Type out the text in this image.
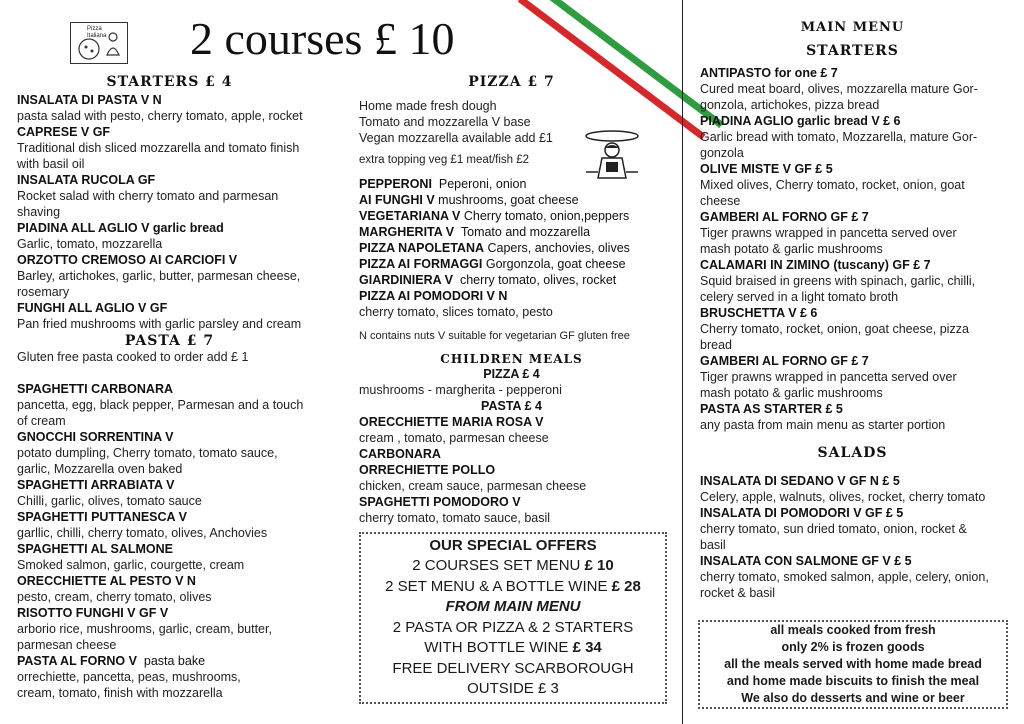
Pizza Italiana 2 courses £ 10
STARTERS £ 4
INSALATA DI PASTA V N
pasta salad with pesto, cherry tomato, apple, rocket
CAPRESE V GF
Traditional dish sliced mozzarella and tomato finish
with basil oil
INSALATA RUCOLA GF
Rocket salad with cherry tomato and parmesan
shaving
PIADINA ALL AGLIO V garlic bread
Garlic, tomato, mozzarella
ORZOTTO CREMOSO AI CARCIOFI V
Barley, artichokes, garlic, butter, parmesan cheese,
rosemary
FUNGHI ALL AGLIO V GF
Pan fried mushrooms with garlic parsley and cream
PASTA £ 7
Gluten free pasta cooked to order add £ 1
SPAGHETTI CARBONARA
pancetta, egg, black pepper, Parmesan and a touch
of cream
GNOCCHI SORRENTINA V
potato dumpling, Cherry tomato, tomato sauce,
garlic, Mozzarella oven baked
SPAGHETTI ARRABIATA V
Chilli, garlic, olives, tomato sauce
SPAGHETTI PUTTANESCA V
garllic, chilli, cherry tomato, olives, Anchovies
SPAGHETTI AL SALMONE
Smoked salmon, garlic, courgette, cream
ORECCHIETTE AL PESTO V N
pesto, cream, cherry tomato, olives
RISOTTO FUNGHI V GF V
arborio rice, mushrooms, garlic, cream, butter,
parmesan cheese
PASTA AL FORNO V  pasta bake
orrechiette, pancetta, peas, mushrooms,
cream, tomato, finish with mozzarella
PIZZA £ 7
Home made fresh dough
Tomato and mozzarella V base
Vegan mozzarella available add £1
extra topping veg £1 meat/fish £2
PEPPERONI  Peperoni, onion
AI FUNGHI V mushrooms, goat cheese
VEGETARIANA V Cherry tomato, onion,peppers
MARGHERITA V  Tomato and mozzarella
PIZZA NAPOLETANA Capers, anchovies, olives
PIZZA AI FORMAGGI Gorgonzola, goat cheese
GIARDINIERA V  cherry tomato, olives, rocket
PIZZA AI POMODORI V N
cherry tomato, slices tomato, pesto
N contains nuts V suitable for vegetarian GF gluten free
CHILDREN MEALS
PIZZA £ 4
mushrooms - margherita - pepperoni
PASTA £ 4
ORECCHIETTE MARIA ROSA V
cream , tomato, parmesan cheese
CARBONARA
ORRECHIETTE POLLO
chicken, cream sauce, parmesan cheese
SPAGHETTI POMODORO V
cherry tomato, tomato sauce, basil
OUR SPECIAL OFFERS
2 COURSES SET MENU £ 10
2 SET MENU & A BOTTLE WINE £ 28
FROM MAIN MENU
2 PASTA OR PIZZA & 2 STARTERS
WITH BOTTLE WINE £ 34
FREE DELIVERY SCARBOROUGH
OUTSIDE £ 3
MAIN MENU
STARTERS
ANTIPASTO for one £ 7
Cured meat board, olives, mozzarella mature Gor-
gonzola, artichokes, pizza bread
PIADINA AGLIO garlic bread V £ 6
Garlic bread with tomato, Mozzarella, mature Gor-
gonzola
OLIVE MISTE V GF £ 5
Mixed olives, Cherry tomato, rocket, onion, goat
cheese
GAMBERI AL FORNO GF £ 7
Tiger prawns wrapped in pancetta served over
mash potato & garlic mushrooms
CALAMARI IN ZIMINO (tuscany) GF £ 7
Squid braised in greens with spinach, garlic, chilli,
celery served in a light tomato broth
BRUSCHETTA V £ 6
Cherry tomato, rocket, onion, goat cheese, pizza
bread
GAMBERI AL FORNO GF £ 7
Tiger prawns wrapped in pancetta served over
mash potato & garlic mushrooms
PASTA AS STARTER £ 5
any pasta from main menu as starter portion
SALADS
INSALATA DI SEDANO V GF N £ 5
Celery, apple, walnuts, olives, rocket, cherry tomato
INSALATA DI POMODORI V GF £ 5
cherry tomato, sun dried tomato, onion, rocket &
basil
INSALATA CON SALMONE GF V £ 5
cherry tomato, smoked salmon, apple, celery, onion,
rocket & basil
all meals cooked from fresh
only 2% is frozen goods
all the meals served with home made bread
and home made biscuits to finish the meal
We also do desserts and wine or beer
